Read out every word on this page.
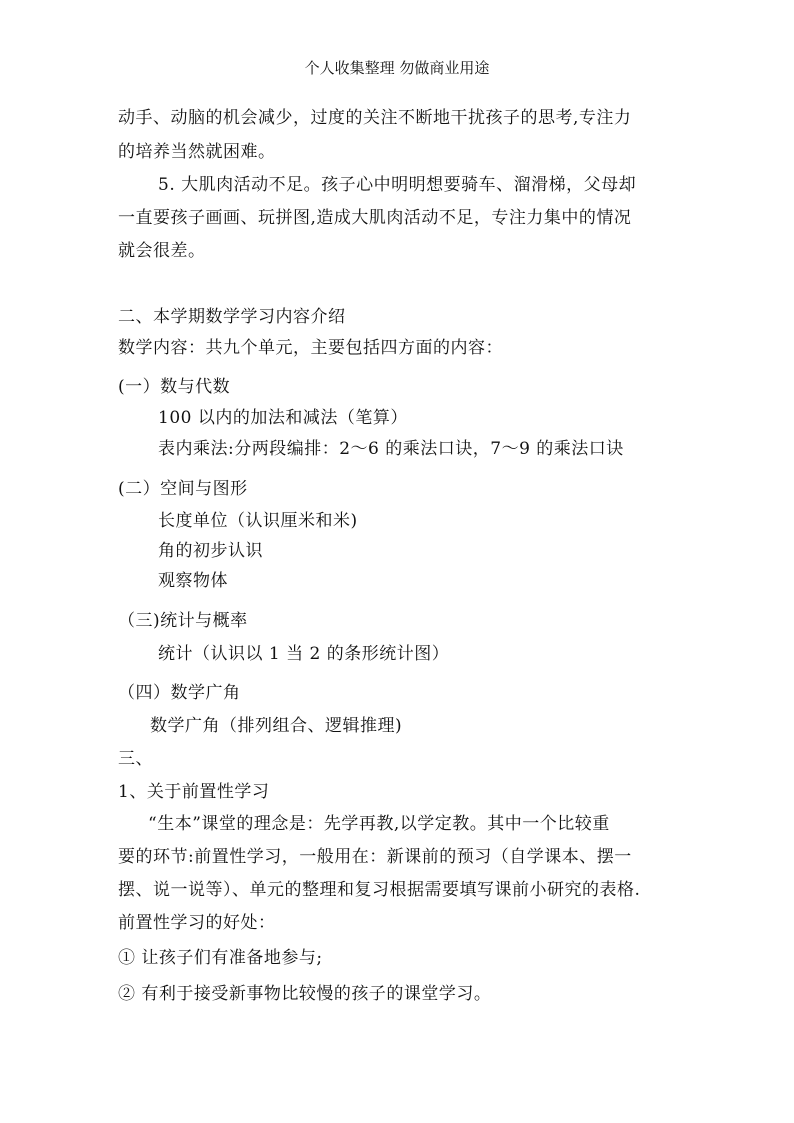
个人收集整理 勿做商业用途
动手、动脑的机会减少，过度的关注不断地干扰孩子的思考,专注力
的培养当然就困难。
5. 大肌肉活动不足。孩子心中明明想要骑车、溜滑梯，父母却
一直要孩子画画、玩拼图,造成大肌肉活动不足，专注力集中的情况
就会很差。
二、本学期数学学习内容介绍
数学内容：共九个单元，主要包括四方面的内容：
(一）数与代数
100 以内的加法和减法（笔算）
表内乘法:分两段编排：2～6 的乘法口诀，7～9 的乘法口诀
(二）空间与图形
长度单位（认识厘米和米)
角的初步认识
观察物体
（三)统计与概率
统计（认识以 1 当 2 的条形统计图）
（四）数学广角
数学广角（排列组合、逻辑推理)
三、
1、关于前置性学习
“生本”课堂的理念是：先学再教,以学定教。其中一个比较重
要的环节:前置性学习，一般用在：新课前的预习（自学课本、摆一
摆、说一说等）、单元的整理和复习根据需要填写课前小研究的表格.
前置性学习的好处：
① 让孩子们有准备地参与;
② 有利于接受新事物比较慢的孩子的课堂学习。
